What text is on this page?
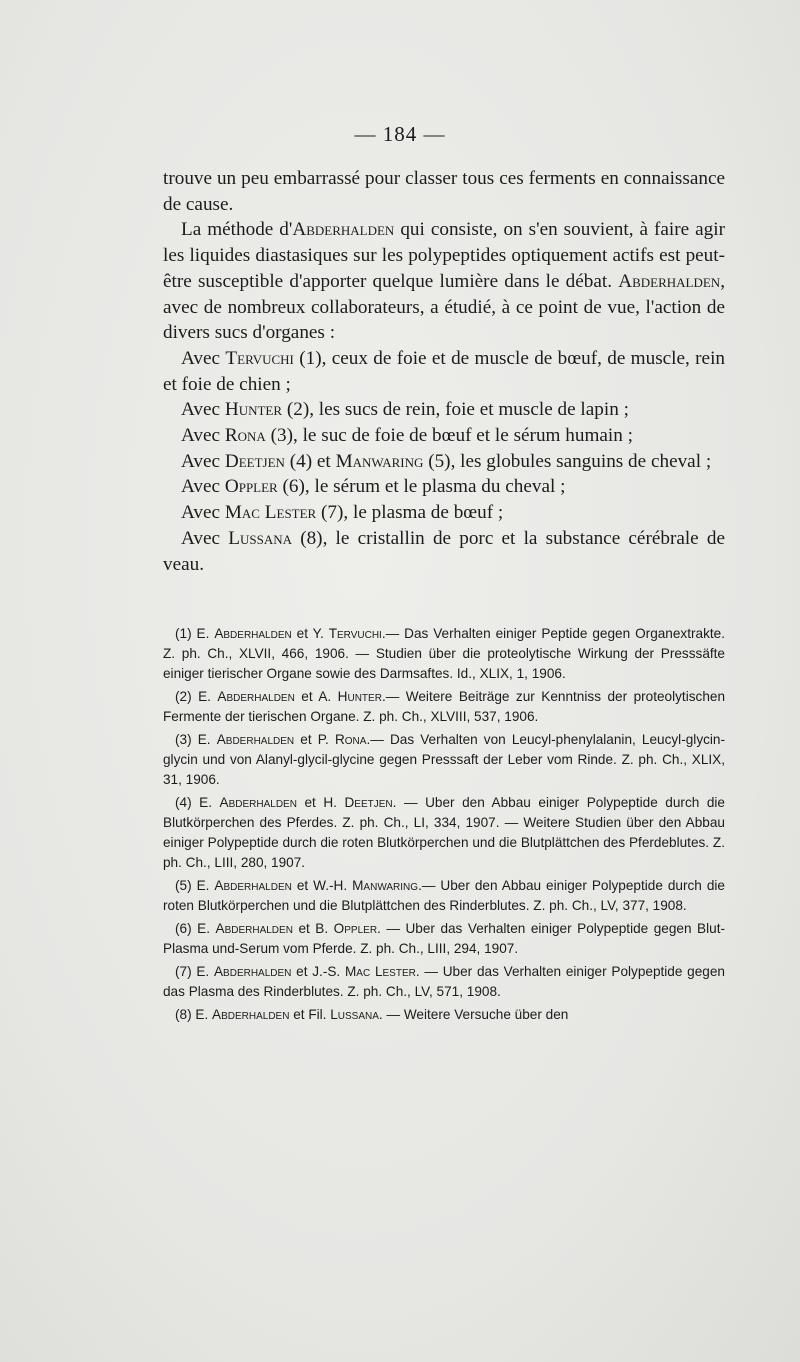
— 184 —

trouve un peu embarrassé pour classer tous ces ferments en connaissance de cause.

La méthode d'Abderhalden qui consiste, on s'en souvient, à faire agir les liquides diastasiques sur les polypeptides optiquement actifs est peut-être susceptible d'apporter quelque lumière dans le débat. Abderhalden, avec de nombreux collaborateurs, a étudié, à ce point de vue, l'action de divers sucs d'organes :

Avec Tervuchi (1), ceux de foie et de muscle de bœuf, de muscle, rein et foie de chien ;

Avec Hunter (2), les sucs de rein, foie et muscle de lapin ;

Avec Rona (3), le suc de foie de bœuf et le sérum humain ;

Avec Deetjen (4) et Manwaring (5), les globules sanguins de cheval ;

Avec Oppler (6), le sérum et le plasma du cheval ;

Avec Mac Lester (7), le plasma de bœuf ;

Avec Lussana (8), le cristallin de porc et la substance cérébrale de veau.

(1) E. Abderhalden et Y. Tervuchi.— Das Verhalten einiger Peptide gegen Organextrakte. Z. ph. Ch., XLVII, 466, 1906. — Studien über die proteolytische Wirkung der Presssäfte einiger tierischer Organe sowie des Darmsaftes. Id., XLIX, 1, 1906.

(2) E. Abderhalden et A. Hunter.— Weitere Beiträge zur Kenntniss der proteolytischen Fermente der tierischen Organe. Z. ph. Ch., XLVIII, 537, 1906.

(3) E. Abderhalden et P. Rona.— Das Verhalten von Leucyl-phenylalanin, Leucyl-glycin-glycin und von Alanyl-glycil-glycine gegen Presssaft der Leber vom Rinde. Z. ph. Ch., XLIX, 31, 1906.

(4) E. Abderhalden et H. Deetjen. — Uber den Abbau einiger Polypeptide durch die Blutkörperchen des Pferdes. Z. ph. Ch., LI, 334, 1907. — Weitere Studien über den Abbau einiger Polypeptide durch die roten Blutkörperchen und die Blutplättchen des Pferdeblutes. Z. ph. Ch., LIII, 280, 1907.

(5) E. Abderhalden et W.-H. Manwaring.— Uber den Abbau einiger Polypeptide durch die roten Blutkörperchen und die Blutplättchen des Rinderblutes. Z. ph. Ch., LV, 377, 1908.

(6) E. Abderhalden et B. Oppler. — Uber das Verhalten einiger Polypeptide gegen Blut-Plasma und-Serum vom Pferde. Z. ph. Ch., LIII, 294, 1907.

(7) E. Abderhalden et J.-S. Mac Lester. — Uber das Verhalten einiger Polypeptide gegen das Plasma des Rinderblutes. Z. ph. Ch., LV, 571, 1908.

(8) E. Abderhalden et Fil. Lussana. — Weitere Versuche über den
